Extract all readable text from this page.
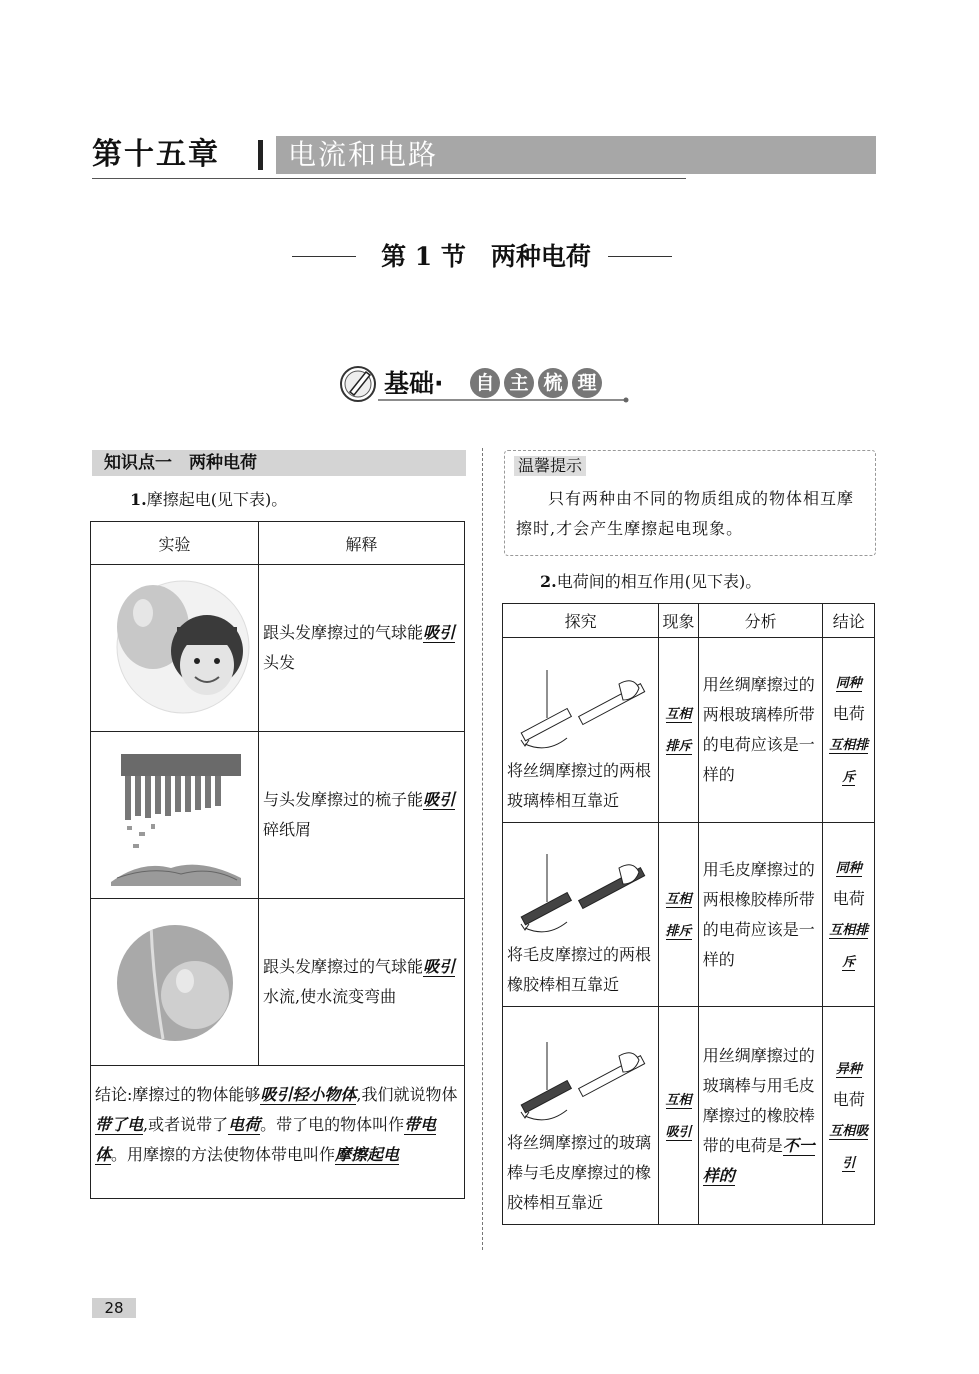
第十五章 电流和电路
第 1 节　两种电荷
基础· 自 主 梳 理
知识点一　两种电荷
1.摩擦起电(见下表)。
实验	解释

	跟头发摩擦过的气球能吸引头发

	与头发摩擦过的梳子能吸引碎纸屑

	跟头发摩擦过的气球能吸引水流,使水流变弯曲
结论:摩擦过的物体能够吸引轻小物体,我们就说物体带了电,或者说带了电荷。带了电的物体叫作带电体。用摩擦的方法使物体带电叫作摩擦起电	
温馨提示
只有两种由不同的物质组成的物体相互摩擦时,才会产生摩擦起电现象。
2.电荷间的相互作用(见下表)。
探究	现象	分析	结论

将丝绸摩擦过的两根玻璃棒相互靠近	互相排斥	用丝绸摩擦过的两根玻璃棒所带的电荷应该是一样的	同种
电荷
互相排斥

将毛皮摩擦过的两根橡胶棒相互靠近	互相排斥	用毛皮摩擦过的两根橡胶棒所带的电荷应该是一样的	同种
电荷
互相排斥

将丝绸摩擦过的玻璃棒与毛皮摩擦过的橡胶棒相互靠近	互相吸引	用丝绸摩擦过的玻璃棒与用毛皮摩擦过的橡胶棒带的电荷是不一样的	异种
电荷
互相吸引
28
